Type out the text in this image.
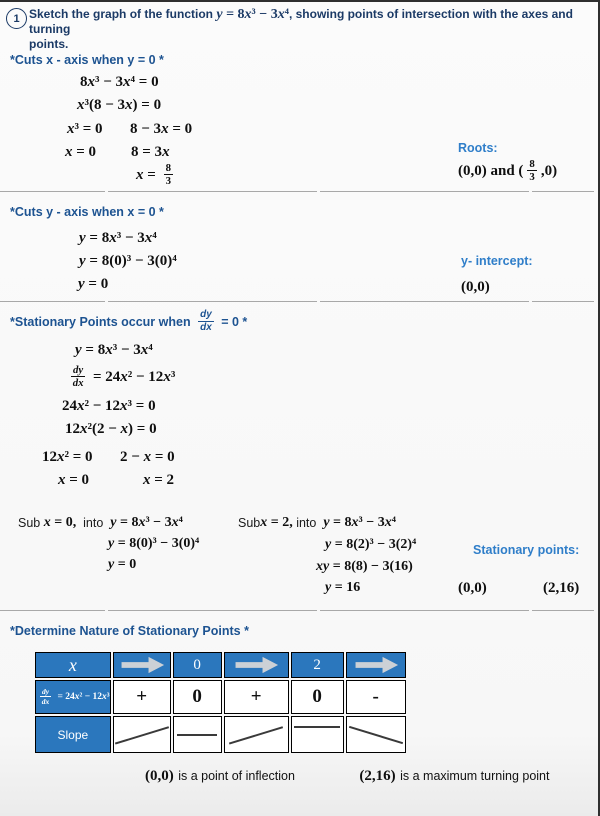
1 Sketch the graph of the function y = 8x³ − 3x⁴, showing points of intersection with the axes and turning
points.
*Cuts x - axis when y = 0 *
8 x ³ − 3 x ⁴ = 0
x ³(8 − 3 x ) = 0
x ³ = 0 8 − 3 x = 0
x = 0 8 = 3 x
$x = \frac{8}{3}$
Roots:
(0,0) and ( $\frac{8}{3} ,0$)
*Cuts y - axis when x = 0 *
y = 8 x ³ − 3 x ⁴
y = 8(0)³ − 3(0)⁴
y = 0
y- intercept:
(0,0)
*Stationary Points occur when $\frac{dy}{dx} = 0$ *
y = 8 x ³ − 3 x ⁴
$\frac{dy}{dx} = 24x^2 - 12x^3$
24 x ² − 12 x ³ = 0
12 x ²(2 − x ) = 0
12 x ² = 0 2 − x = 0
x = 0	x = 2
Sub x = 0, into y = 8x³ − 3x⁴
y = 8(0)³ − 3(0)⁴
y = 0
Sub x = 2, into y = 8x³ − 3x⁴
y = 8(2)³ − 3(2)⁴
x y = 8(8) − 3(16)
y = 16
Stationary points:
(0,0)	(2,16)
*Determine Nature of Stationary Points *
x		0		2	

$\frac{dy}{dx} = 24x^2 - 12x^3$ +	0	+	0	-
Slope	

(0,0) is a point of inflection	(2,16) is a maximum turning point
